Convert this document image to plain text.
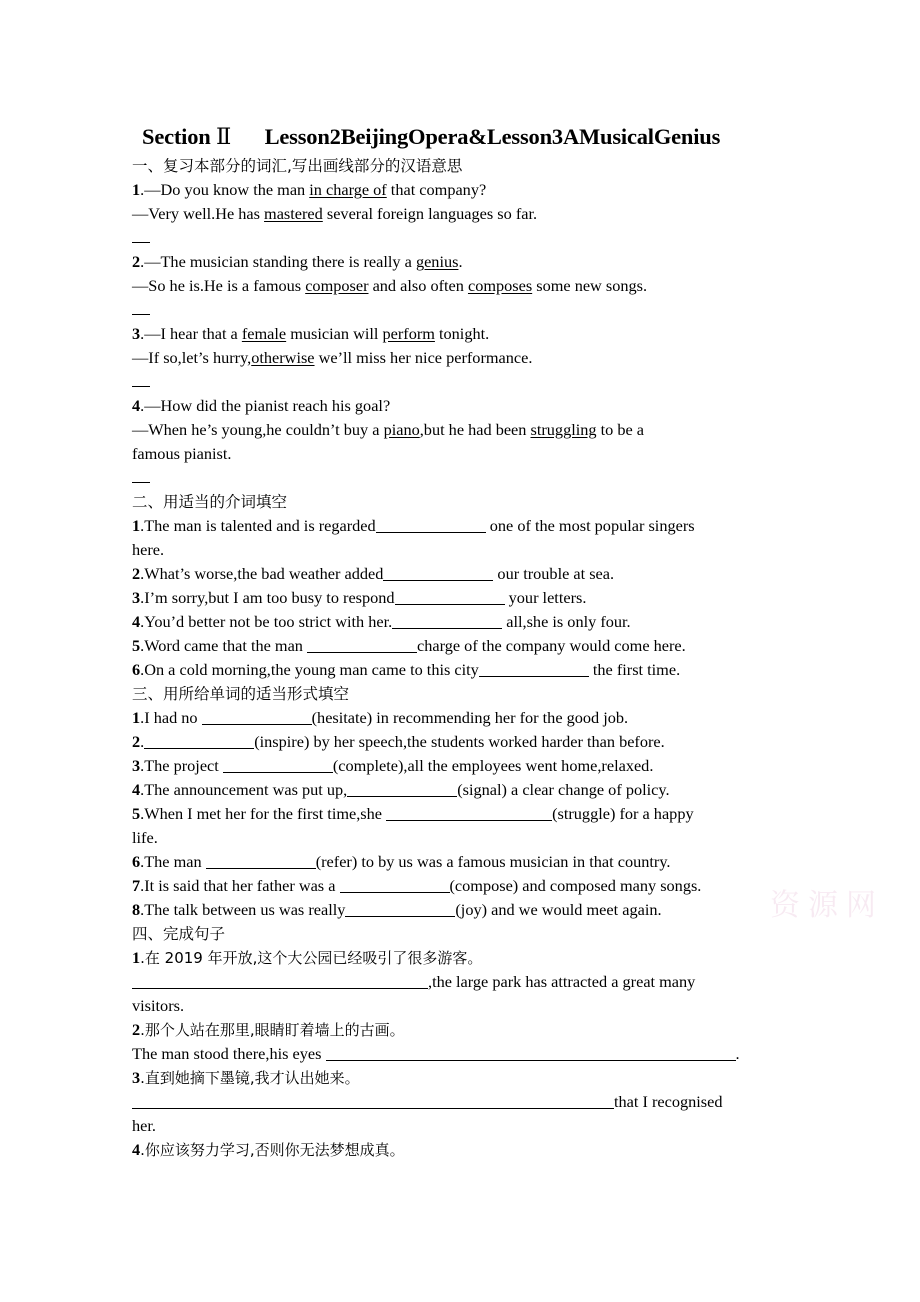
资源网
Section Ⅱ Lesson2BeijingOpera&Lesson3AMusicalGenius
一、复习本部分的词汇,写出画线部分的汉语意思
1.—Do you know the man in charge of that company?
—Very well.He has mastered several foreign languages so far.
2.—The musician standing there is really a genius.
—So he is.He is a famous composer and also often composes some new songs.
3.—I hear that a female musician will perform tonight.
—If so,let’s hurry,otherwise we’ll miss her nice performance.
4.—How did the pianist reach his goal?
—When he’s young,he couldn’t buy a piano,but he had been struggling to be a
famous pianist.
二、用适当的介词填空
1.The man is talented and is regarded	one of the most popular singers
here.
2.What’s worse,the bad weather added	our trouble at sea.
3.I’m sorry,but I am too busy to respond	your letters.
4.You’d better not be too strict with her.	all,she is only four.
5.Word came that the man	charge of the company would come here.
6.On a cold morning,the young man came to this city	the first time.
三、用所给单词的适当形式填空
1.I had no	(hesitate) in recommending her for the good job.
2.	(inspire) by her speech,the students worked harder than before.
3.The project	(complete),all the employees went home,relaxed.
4.The announcement was put up,	(signal) a clear change of policy.
5.When I met her for the first time,she	(struggle) for a happy
life.
6.The man	(refer) to by us was a famous musician in that country.
7.It is said that her father was a	(compose) and composed many songs.
8.The talk between us was really	(joy) and we would meet again.
四、完成句子
1.在 2019 年开放,这个大公园已经吸引了很多游客。
,the large park has attracted a great many
visitors.
2.那个人站在那里,眼睛盯着墙上的古画。
The man stood there,his eyes	.
3.直到她摘下墨镜,我才认出她来。
that I recognised
her.
4.你应该努力学习,否则你无法梦想成真。
